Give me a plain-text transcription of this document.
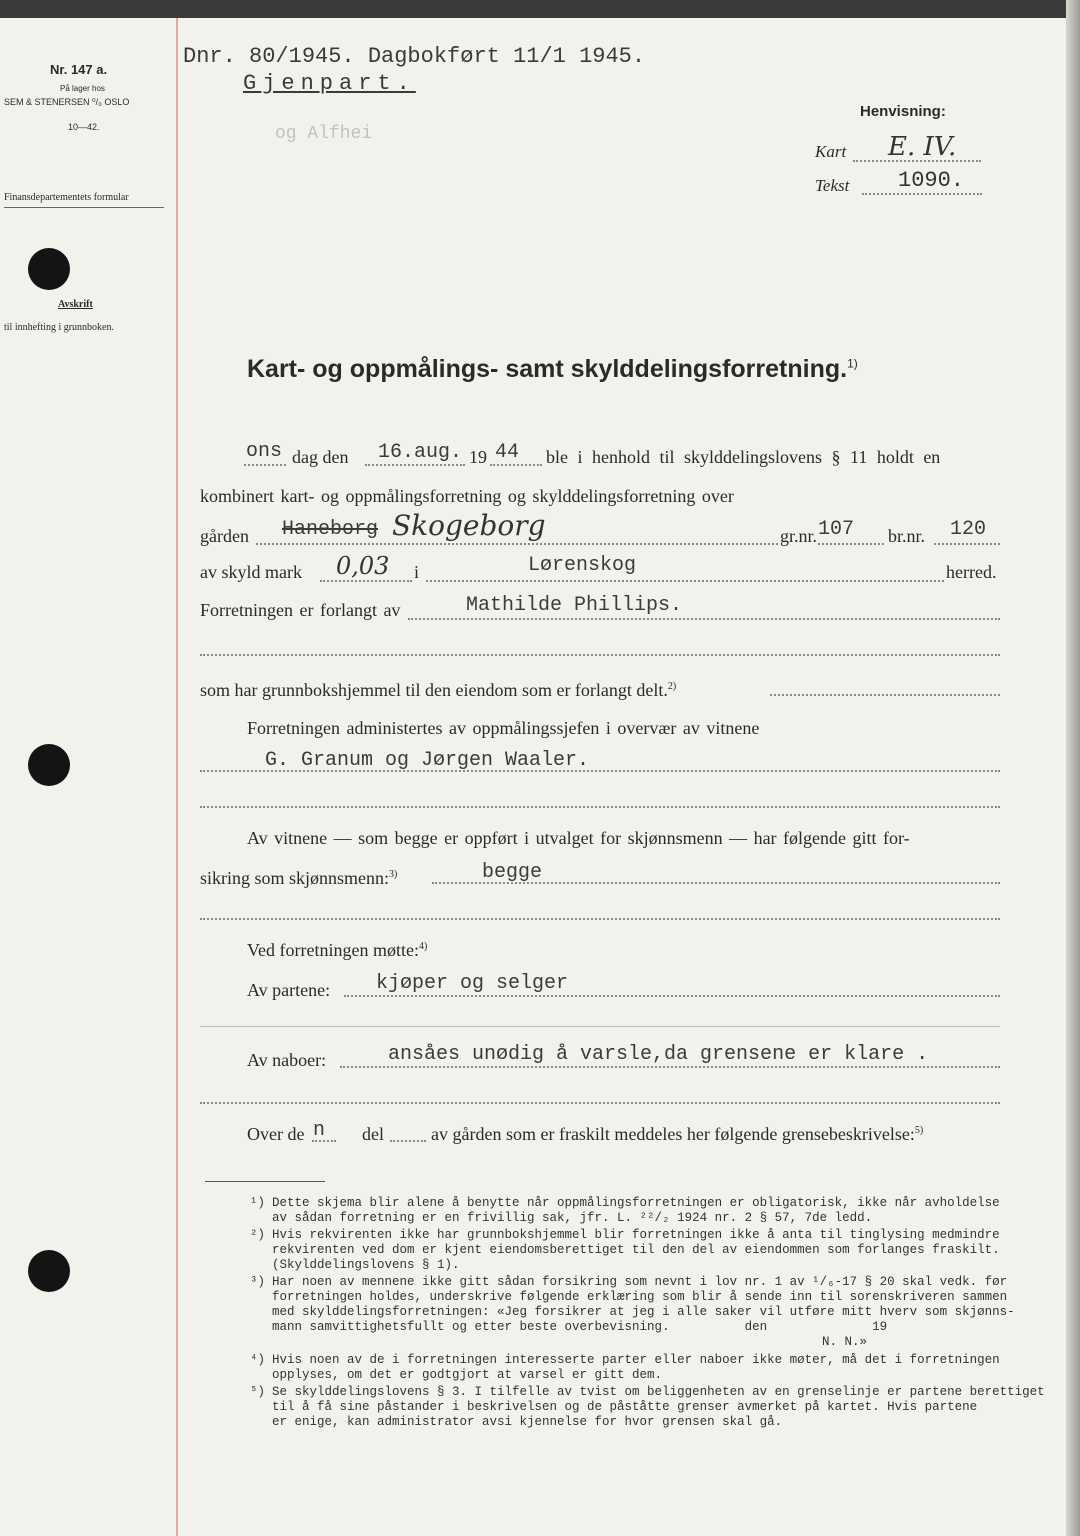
Nr. 147 a.
På lager hos
SEM & STENERSEN ⁰/₀ OSLO
10—42.
Finansdepartementets formular
Avskrift
til innhefting i grunnboken.
Dnr. 80/1945. Dagbokført 11/1 1945.
Gjenpart.
og Alfhei
Henvisning:
Kart E. IV.
Tekst 1090.
Kart- og oppmålings- samt skylddelingsforretning.$^{1)}$
ons dag den 16.aug. 19 44 ble i henhold til skylddelingslovens § 11 holdt en
kombinert kart- og oppmålingsforretning og skylddelingsforretning over
gården Haneborg Skogeborg	gr.nr. 107 br.nr. 120
av skyld mark 0,03 i	Lørenskog	herred.
Forretningen er forlangt av	Mathilde Phillips.
som har grunnbokshjemmel til den eiendom som er forlangt delt.$^{2)}$
Forretningen administertes av oppmålingssjefen i overvær av vitnene
G. Granum og Jørgen Waaler.
Av vitnene — som begge er oppført i utvalget for skjønnsmenn — har følgende gitt for-
sikring som skjønnsmenn:$^{3)}$	begge
Ved forretningen møtte:$^{4)}$
Av partene: kjøper og selger
Av naboer:	ansåes unødig å varsle,da grensene er klare .
Over de n del	av gården som er fraskilt meddeles her følgende grensebeskrivelse:$^{5)}$
¹) Dette skjema blir alene å benytte når oppmålingsforretningen er obligatorisk, ikke når avholdelse
av sådan forretning er en frivillig sak, jfr. L. ²²/₂ 1924 nr. 2 § 57, 7de ledd.
²) Hvis rekvirenten ikke har grunnbokshjemmel blir forretningen ikke å anta til tinglysing medmindre
rekvirenten ved dom er kjent eiendomsberettiget til den del av eiendommen som forlanges fraskilt.
(Skylddelingslovens § 1).
³) Har noen av mennene ikke gitt sådan forsikring som nevnt i lov nr. 1 av ¹/₆-17 § 20 skal vedk. før
forretningen holdes, underskrive følgende erklæring som blir å sende inn til sorenskriveren sammen
med skylddelingsforretningen: «Jeg forsikrer at jeg i alle saker vil utføre mitt hverv som skjønns-
mann samvittighetsfullt og etter beste overbevisning.          den              19
N. N.»
⁴) Hvis noen av de i forretningen interesserte parter eller naboer ikke møter, må det i forretningen
opplyses, om det er godtgjort at varsel er gitt dem.
⁵) Se skylddelingslovens § 3. I tilfelle av tvist om beliggenheten av en grenselinje er partene berettiget
til å få sine påstander i beskrivelsen og de påståtte grenser avmerket på kartet. Hvis partene
er enige, kan administrator avsi kjennelse for hvor grensen skal gå.
